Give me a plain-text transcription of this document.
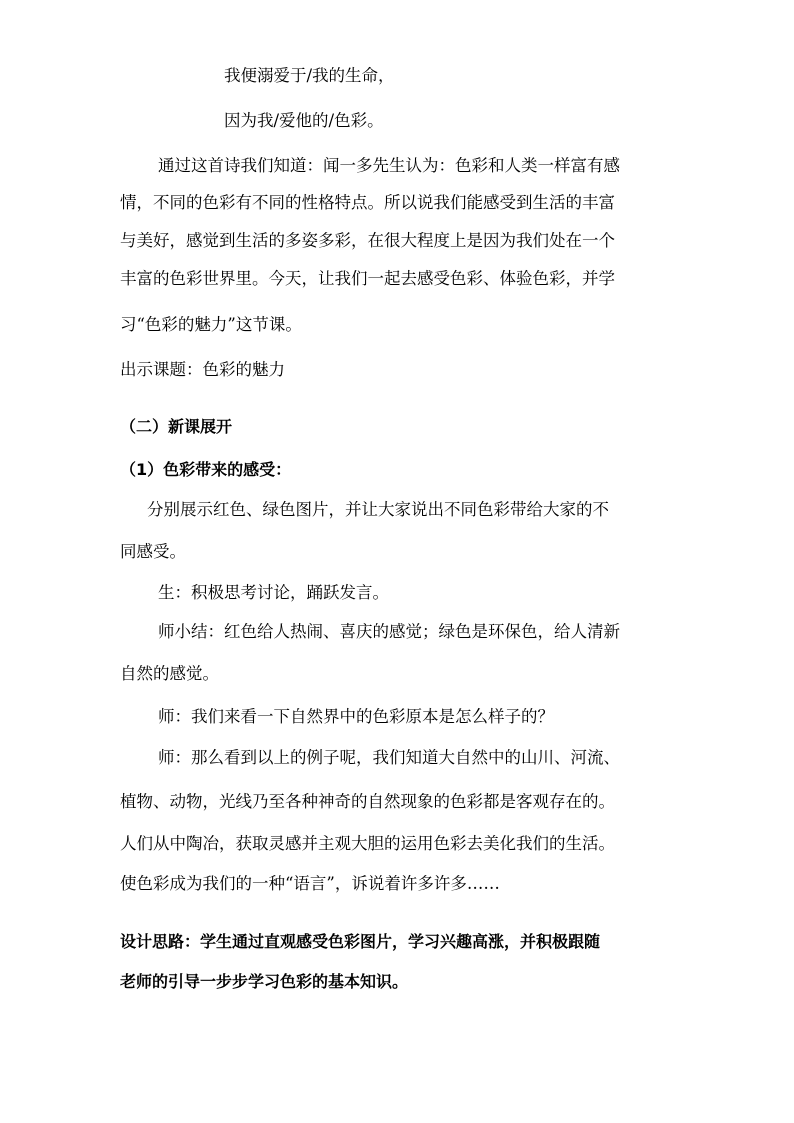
我便溺爱于/我的生命，
因为我/爱他的/色彩。
通过这首诗我们知道：闻一多先生认为：色彩和人类一样富有感
情，不同的色彩有不同的性格特点。所以说我们能感受到生活的丰富
与美好，感觉到生活的多姿多彩，在很大程度上是因为我们处在一个
丰富的色彩世界里。今天，让我们一起去感受色彩、体验色彩，并学
习“色彩的魅力”这节课。
出示课题：色彩的魅力
（二）新课展开
（1）色彩带来的感受：
分别展示红色、绿色图片，并让大家说出不同色彩带给大家的不
同感受。
生：积极思考讨论，踊跃发言。
师小结：红色给人热闹、喜庆的感觉；绿色是环保色，给人清新
自然的感觉。
师：我们来看一下自然界中的色彩原本是怎么样子的？
师：那么看到以上的例子呢，我们知道大自然中的山川、河流、
植物、动物，光线乃至各种神奇的自然现象的色彩都是客观存在的。
人们从中陶冶，获取灵感并主观大胆的运用色彩去美化我们的生活。
使色彩成为我们的一种“语言”，诉说着许多许多……
设计思路：学生通过直观感受色彩图片，学习兴趣高涨，并积极跟随
老师的引导一步步学习色彩的基本知识。
